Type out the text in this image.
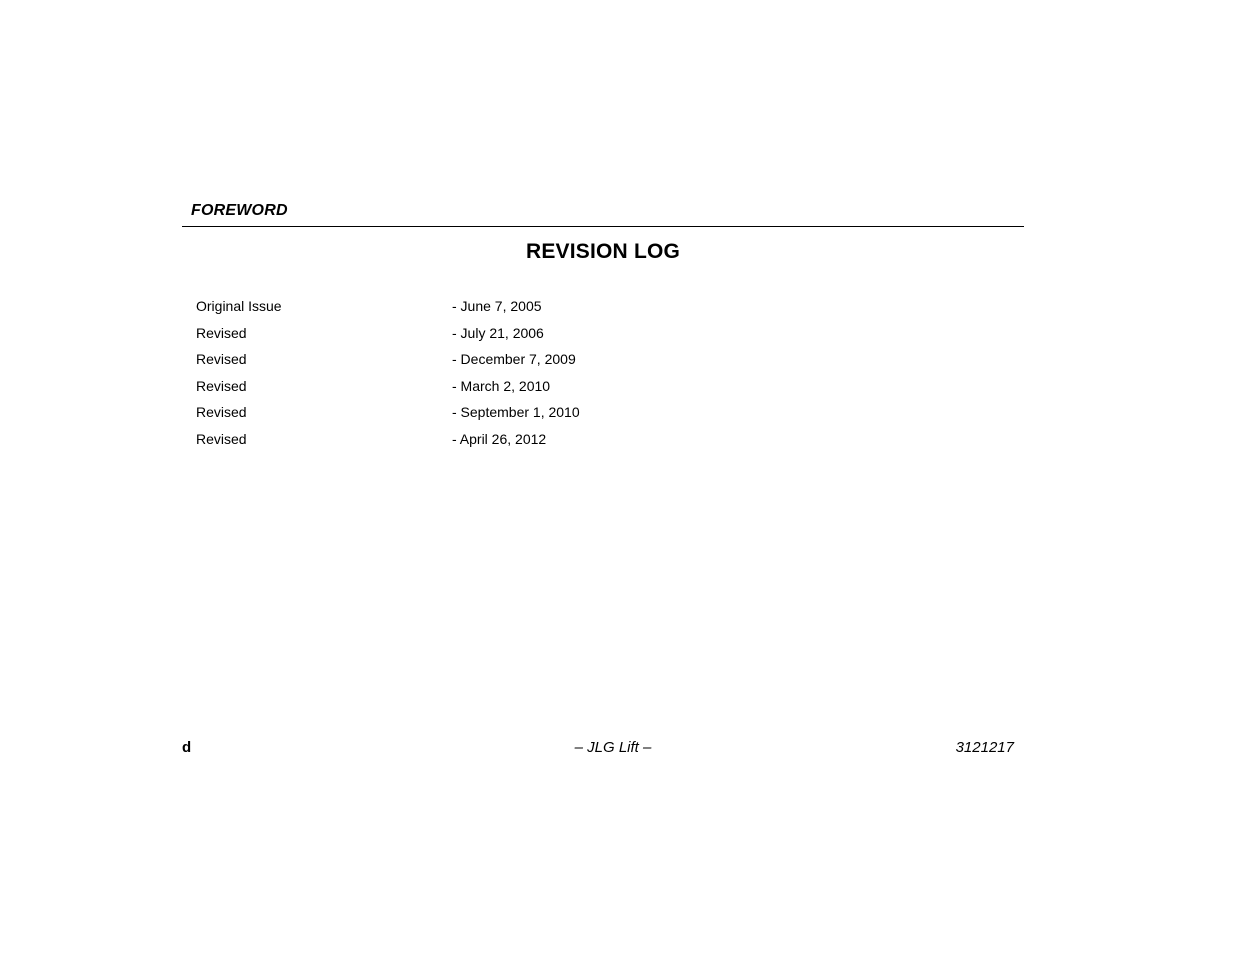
FOREWORD
REVISION LOG
Original Issue	- June 7, 2005
Revised	- July 21, 2006
Revised	- December 7, 2009
Revised	- March 2, 2010
Revised	- September 1, 2010
Revised	- April 26, 2012
d	– JLG Lift –	3121217
